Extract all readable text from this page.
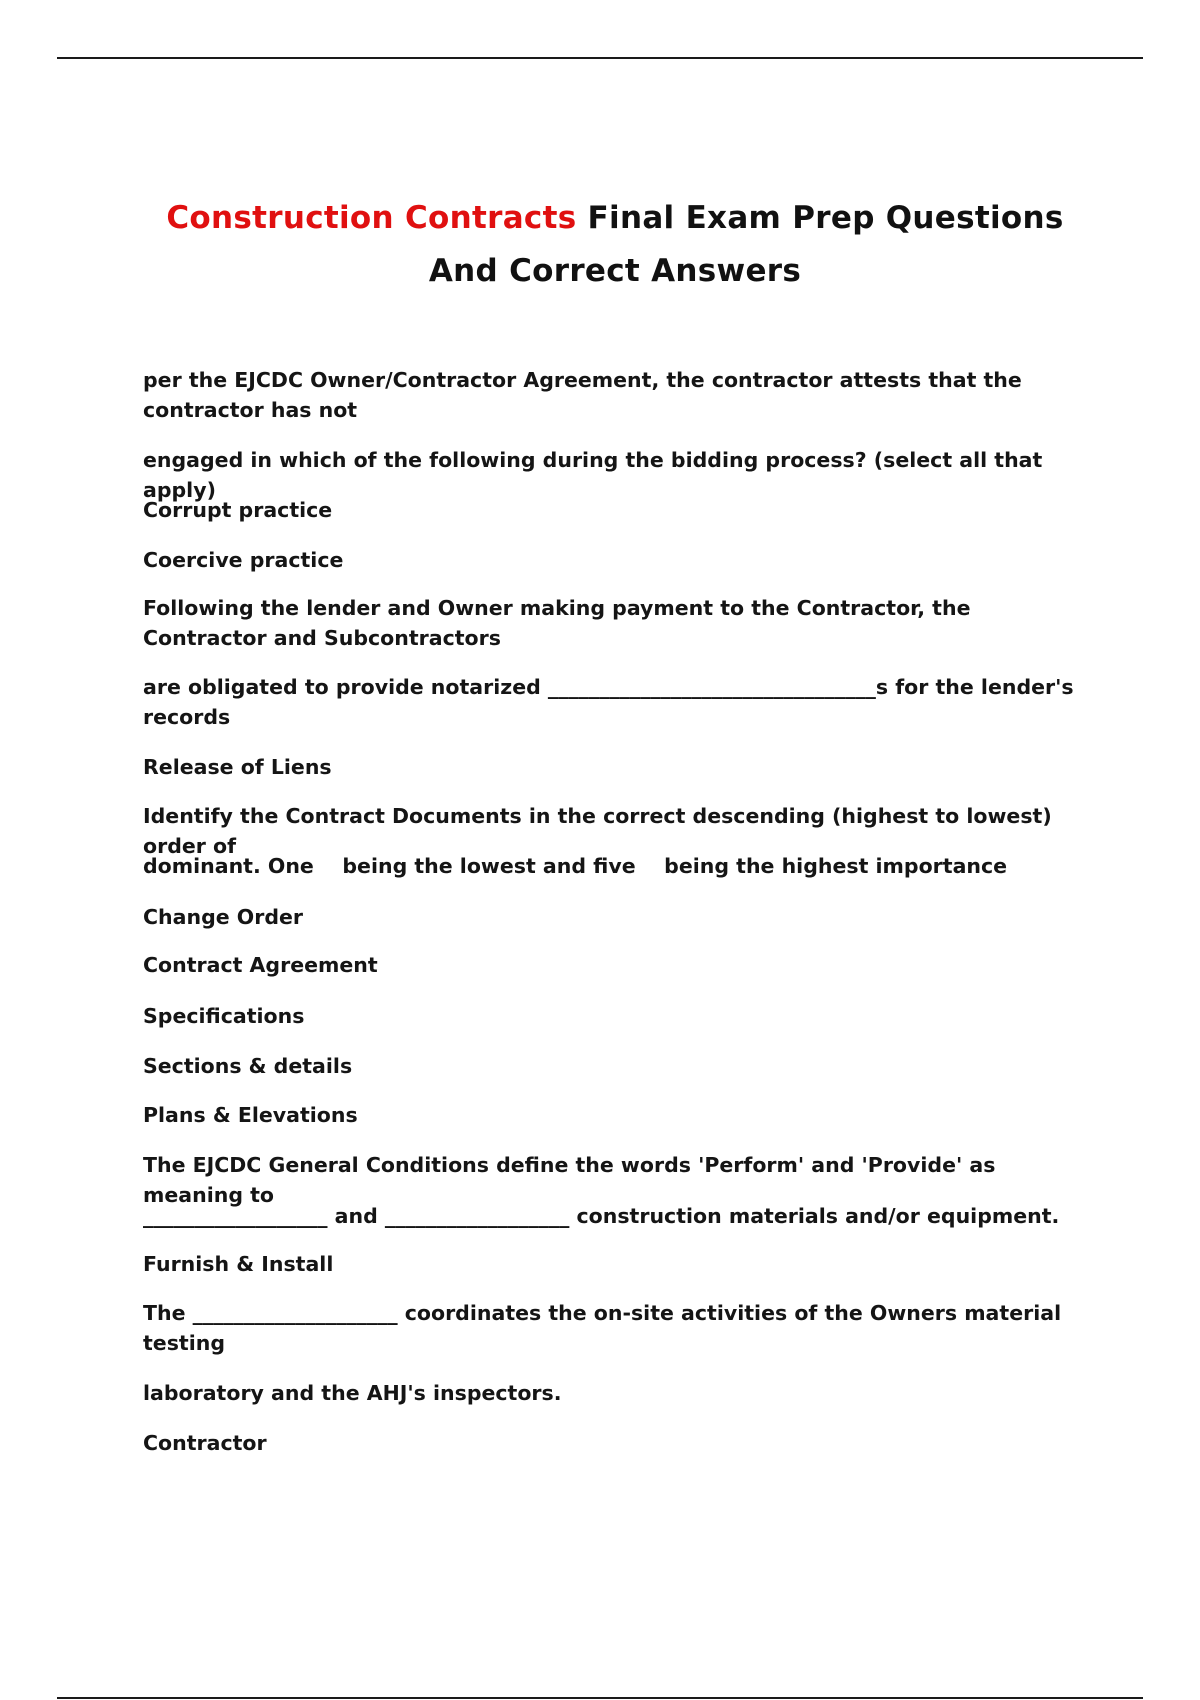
Construction Contracts Final Exam Prep Questions
And Correct Answers
per the EJCDC Owner/Contractor Agreement, the contractor attests that the contractor has not
engaged in which of the following during the bidding process? (select all that apply)
Corrupt practice
Coercive practice
Following the lender and Owner making payment to the Contractor, the Contractor and Subcontractors
are obligated to provide notarized ________________________________s for the lender's records
Release of Liens
Identify the Contract Documents in the correct descending (highest to lowest) order of
dominant. One    being the lowest and five    being the highest importance
Change Order
Contract Agreement
Specifications
Sections & details
Plans & Elevations
The EJCDC General Conditions define the words 'Perform' and 'Provide' as meaning to
__________________ and __________________ construction materials and/or equipment.
Furnish & Install
The ____________________ coordinates the on-site activities of the Owners material testing
laboratory and the AHJ's inspectors.
Contractor
